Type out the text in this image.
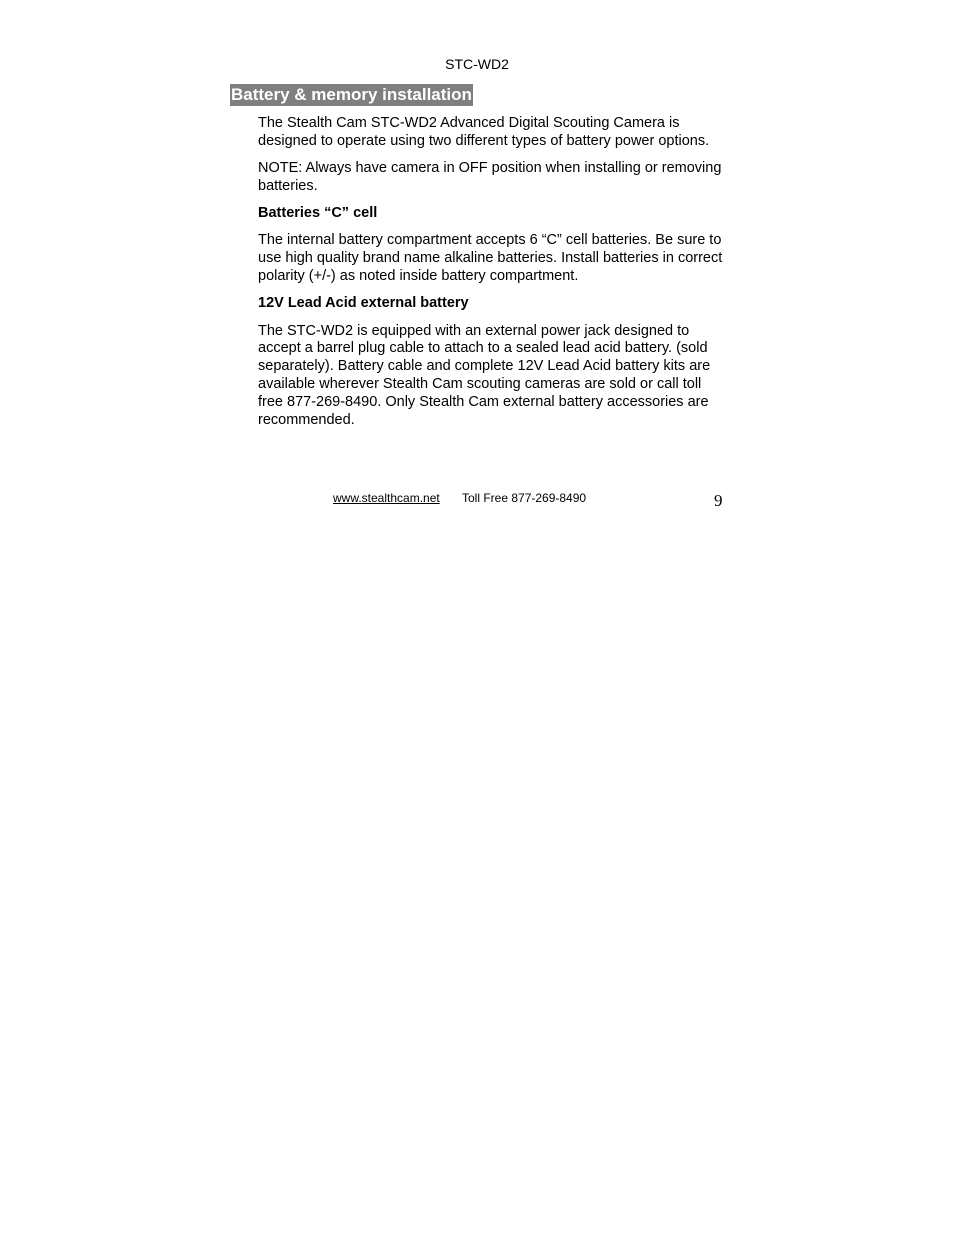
STC-WD2
Battery & memory installation

The Stealth Cam STC-WD2 Advanced Digital Scouting Camera is designed to operate using two different types of battery power options.

NOTE: Always have camera in OFF position when installing or removing batteries.

Batteries “C” cell

The internal battery compartment accepts 6 “C” cell batteries. Be sure to use high quality brand name alkaline batteries. Install batteries in correct polarity (+/-) as noted inside battery compartment.

12V Lead Acid external battery

The STC-WD2 is equipped with an external power jack designed to accept a barrel plug cable to attach to a sealed lead acid battery. (sold separately). Battery cable and complete 12V Lead Acid battery kits are available wherever Stealth Cam scouting cameras are sold or call toll free 877-269-8490. Only Stealth Cam external battery accessories are recommended.

www.stealthcam.net Toll Free 877-269-8490	9
